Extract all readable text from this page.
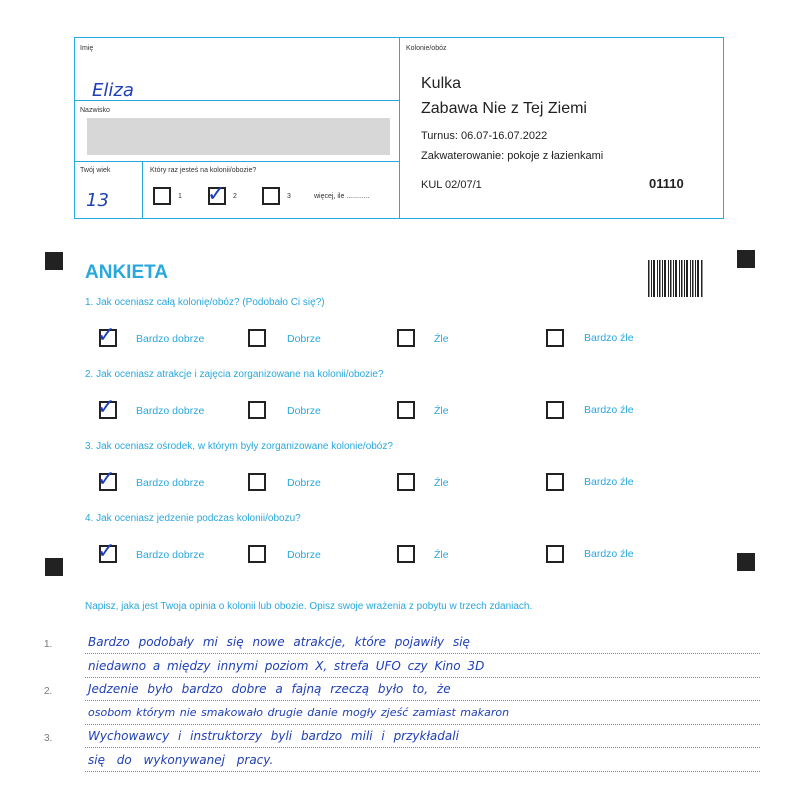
Imię
Eliza
Nazwisko
Twój wiek
13
Który raz jesteś na kolonii/obozie?
1 ✓ 2	3	więcej, ile ............
Kolonie/obóz
Kulka
Zabawa Nie z Tej Ziemi
Turnus: 06.07-16.07.2022
Zakwaterowanie: pokoje z łazienkami
KUL 02/07/1	01110
ANKIETA
1. Jak oceniasz całą kolonię/obóz? (Podobało Ci się?)
✓ Bardzo dobrze	Dobrze	Źle	Bardzo źle
2. Jak oceniasz atrakcje i zajęcia zorganizowane na kolonii/obozie?
✓ Bardzo dobrze	Dobrze	Źle	Bardzo źle
3. Jak oceniasz ośrodek, w którym były zorganizowane kolonie/obóz?
✓ Bardzo dobrze	Dobrze	Źle	Bardzo źle
4. Jak oceniasz jedzenie podczas kolonii/obozu?
✓ Bardzo dobrze	Dobrze	Źle	Bardzo źle
Napisz, jaka jest Twoja opinia o kolonii lub obozie. Opisz swoje wrażenia z pobytu w trzech zdaniach.
1.
2.
3.
Bardzo podobały mi się nowe atrakcje, które pojawiły się
niedawno a między innymi poziom X, strefa UFO czy Kino 3D
Jedzenie było bardzo dobre a fajną rzeczą było to, że
osobom którym nie smakowało drugie danie mogły zjeść zamiast makaron
Wychowawcy i instruktorzy byli bardzo mili i przykładali
się do wykonywanej pracy.
